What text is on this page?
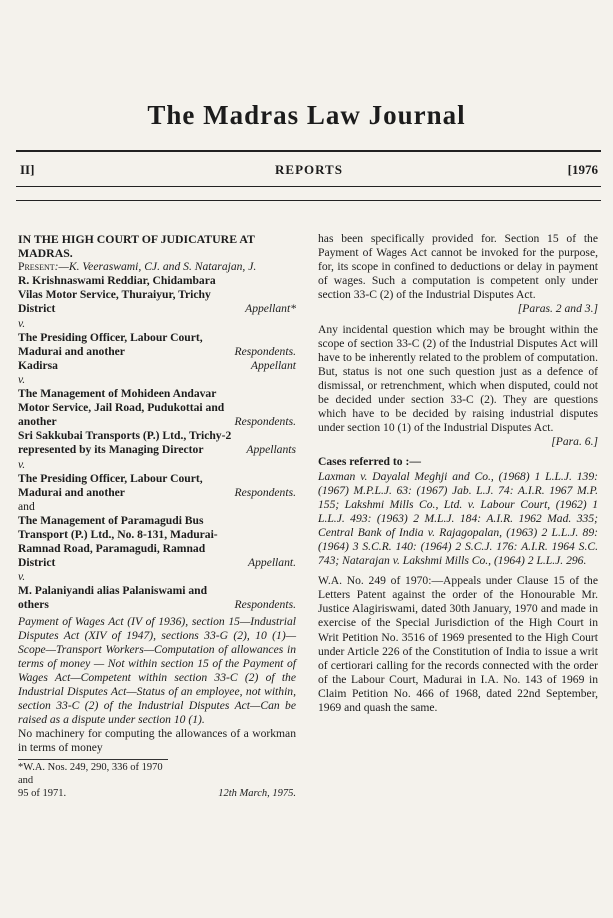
The Madras Law Journal
II]	REPORTS	[1976

IN THE HIGH COURT OF JUDICATURE AT MADRAS.

Present:—K. Veeraswami, CJ. and S. Natarajan, J.

R. Krishnaswami Reddiar, Chidambara Vilas Motor Service, Thuraiyur, Trichy District	Appellant*
v.
The Presiding Officer, Labour Court, Madurai and another	Respondents.
Kadirsa	Appellant
v.
The Management of Mohideen Andavar Motor Service, Jail Road, Pudukottai and another	Respondents.
Sri Sakkubai Transports (P.) Ltd., Trichy-2 represented by its Managing Director	Appellants
v.
The Presiding Officer, Labour Court, Madurai and another	Respondents.
and
The Management of Paramagudi Bus Transport (P.) Ltd., No. 8-131, Madurai-Ramnad Road, Paramagudi, Ramnad District	Appellant.
v.
M. Palaniyandi alias Palaniswami and others	Respondents.

Payment of Wages Act (IV of 1936), section 15—Industrial Disputes Act (XIV of 1947), sections 33-G (2), 10 (1)—Scope—Transport Workers—Computation of allowances in terms of money — Not within section 15 of the Payment of Wages Act—Competent within section 33-C (2) of the Industrial Disputes Act—Status of an employee, not within, section 33-C (2) of the Industrial Disputes Act—Can be raised as a dispute under section 10 (1).

No machinery for computing the allowances of a workman in terms of money

*W.A. Nos. 249, 290, 336 of 1970 and
95 of 1971.	12th March, 1975.

has been specifically provided for. Section 15 of the Payment of Wages Act cannot be invoked for the purpose, for, its scope in confined to deductions or delay in payment of wages. Such a computation is competent only under section 33-C (2) of the Industrial Disputes Act.

[Paras. 2 and 3.]

Any incidental question which may be brought within the scope of section 33-C (2) of the Industrial Disputes Act will have to be inherently related to the problem of computation. But, status is not one such question just as a defence of dismissal, or retrenchment, which when disputed, could not be decided under section 33-C (2). They are questions which have to be decided by raising industrial disputes under section 10 (1) of the Industrial Disputes Act.

[Para. 6.]

Cases referred to :—

Laxman v. Dayalal Meghji and Co., (1968) 1 L.L.J. 139: (1967) M.P.L.J. 63: (1967) Jab. L.J. 74: A.I.R. 1967 M.P. 155; Lakshmi Mills Co., Ltd. v. Labour Court, (1962) 1 L.L.J. 493: (1963) 2 M.L.J. 184: A.I.R. 1962 Mad. 335; Central Bank of India v. Rajagopalan, (1963) 2 L.L.J. 89: (1964) 3 S.C.R. 140: (1964) 2 S.C.J. 176: A.I.R. 1964 S.C. 743; Natarajan v. Lakshmi Mills Co., (1964) 2 L.L.J. 296.

W.A. No. 249 of 1970:—Appeals under Clause 15 of the Letters Patent against the order of the Honourable Mr. Justice Alagiriswami, dated 30th January, 1970 and made in exercise of the Special Jurisdiction of the High Court in Writ Petition No. 3516 of 1969 presented to the High Court under Article 226 of the Constitution of India to issue a writ of certiorari calling for the records connected with the order of the Labour Court, Madurai in I.A. No. 143 of 1969 in Claim Petition No. 466 of 1968, dated 22nd September, 1969 and quash the same.
